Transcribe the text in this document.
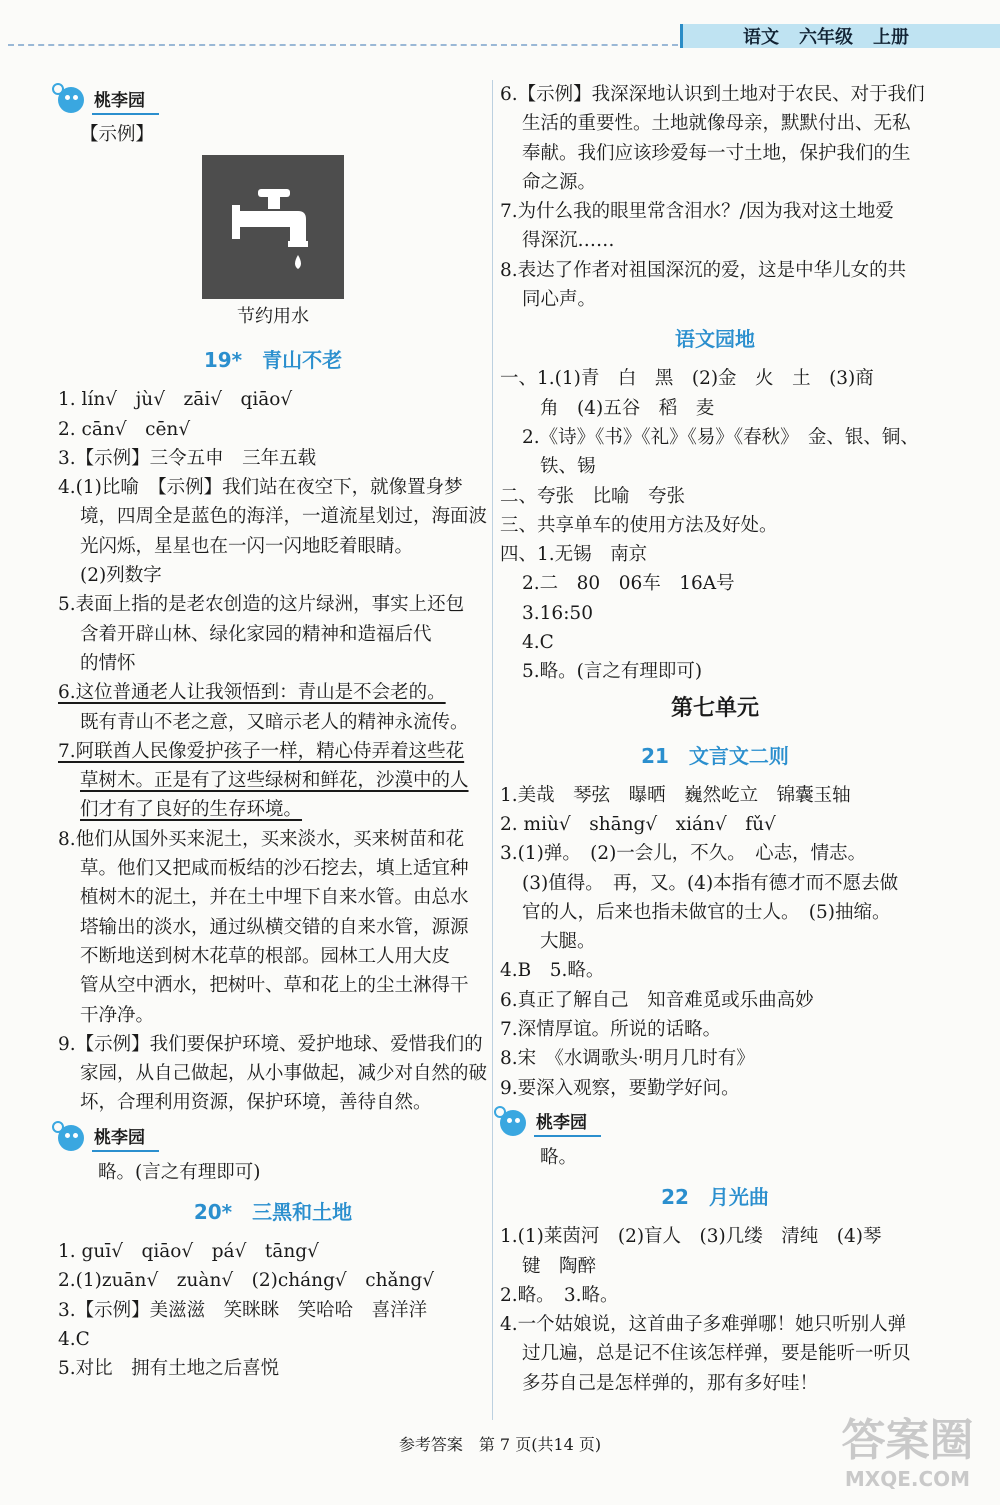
语文 六年级 上册
桃李园
【示例】
节约用水
19*　青山不老
1. lín√　jù√　zāi√　qiāo√
2. cān√　cēn√
3.【示例】三令五申　三年五载
4.(1)比喻　【示例】我们站在夜空下，就像置身梦
境，四周全是蓝色的海洋，一道流星划过，海面波
光闪烁，星星也在一闪一闪地眨着眼睛。
(2)列数字
5.表面上指的是老农创造的这片绿洲，事实上还包
含着开辟山林、绿化家园的精神和造福后代
的情怀
6.这位普通老人让我领悟到：青山是不会老的。
既有青山不老之意，又暗示老人的精神永流传。
7.阿联酋人民像爱护孩子一样，精心侍弄着这些花
草树木。正是有了这些绿树和鲜花，沙漠中的人
们才有了良好的生存环境。
8.他们从国外买来泥土，买来淡水，买来树苗和花
草。他们又把咸而板结的沙石挖去，填上适宜种
植树木的泥土，并在土中埋下自来水管。由总水
塔输出的淡水，通过纵横交错的自来水管，源源
不断地送到树木花草的根部。园林工人用大皮
管从空中洒水，把树叶、草和花上的尘土淋得干
干净净。
9.【示例】我们要保护环境、爱护地球、爱惜我们的
家园，从自己做起，从小事做起，减少对自然的破
坏，合理利用资源，保护环境，善待自然。
桃李园
略。(言之有理即可)
20*　三黑和土地
1. guī√　qiāo√　pá√　tāng√
2.(1)zuān√　zuàn√　(2)cháng√　chǎng√
3.【示例】美滋滋　笑眯眯　笑哈哈　喜洋洋
4.C
5.对比　拥有土地之后喜悦
6.【示例】我深深地认识到土地对于农民、对于我们
生活的重要性。土地就像母亲，默默付出、无私
奉献。我们应该珍爱每一寸土地，保护我们的生
命之源。
7.为什么我的眼里常含泪水？/因为我对这土地爱
得深沉……
8.表达了作者对祖国深沉的爱，这是中华儿女的共
同心声。
语文园地
一、1.(1)青　白　黑　(2)金　火　土　(3)商
角　(4)五谷　稻　麦
2.《诗》《书》《礼》《易》《春秋》　金、银、铜、
铁、锡
二、夸张　比喻　夸张
三、共享单车的使用方法及好处。
四、1.无锡　南京
2.二　80　06车　16A号
3.16:50
4.C
5.略。(言之有理即可)
第七单元
21　文言文二则
1.美哉　琴弦　曝晒　巍然屹立　锦囊玉轴
2. miù√　shāng√　xián√　fǔ√
3.(1)弹。　(2)一会儿，不久。　心志，情志。
(3)值得。　再，又。(4)本指有德才而不愿去做
官的人，后来也指未做官的士人。　(5)抽缩。
大腿。
4.B　5.略。
6.真正了解自己　知音难觅或乐曲高妙
7.深情厚谊。所说的话略。
8.宋　《水调歌头·明月几时有》
9.要深入观察，要勤学好问。
桃李园
略。
22　月光曲
1.(1)莱茵河　(2)盲人　(3)几缕　清纯　(4)琴
键　陶醉
2.略。　3.略。
4.一个姑娘说，这首曲子多难弹哪！她只听别人弹
过几遍，总是记不住该怎样弹，要是能听一听贝
多芬自己是怎样弹的，那有多好哇！
参考答案　第 7 页(共14 页)	答案圈
MXQE.COM
